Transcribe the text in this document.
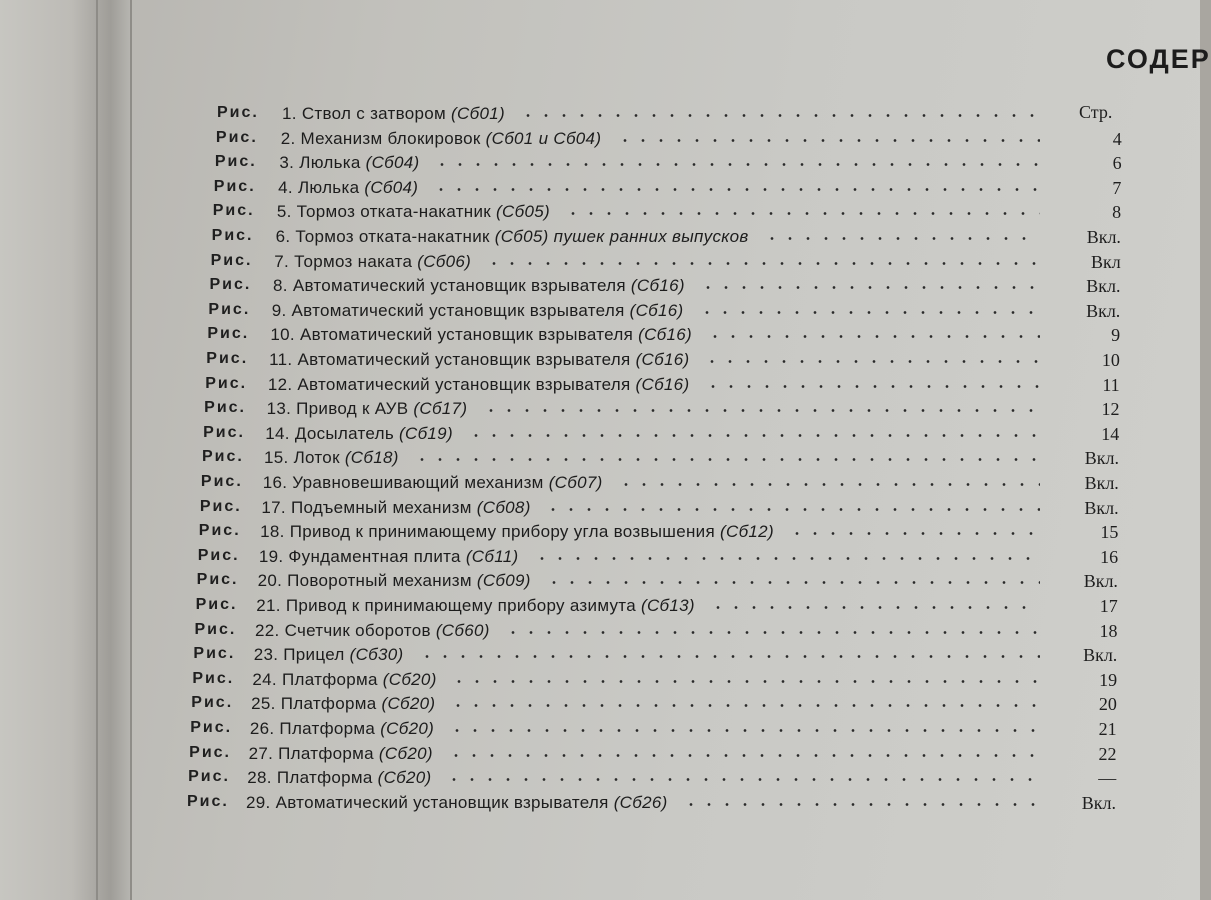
СОДЕР
Стр.
Рис. 1. Ствол с затвором (Сб01)
Рис. 2. Механизм блокировок (Сб01 и Сб04)	4
Рис. 3. Люлька (Сб04)	6
Рис. 4. Люлька (Сб04)	7
Рис. 5. Тормоз отката-накатник (Сб05)	8
Рис. 6. Тормоз отката-накатник (Сб05) пушек ранних выпусков	Вкл.
Рис. 7. Тормоз наката (Сб06)	Вкл
Рис. 8. Автоматический установщик взрывателя (Сб16)	Вкл.
Рис. 9. Автоматический установщик взрывателя (Сб16)	Вкл.
Рис. 10. Автоматический установщик взрывателя (Сб16)	9
Рис. 11. Автоматический установщик взрывателя (Сб16)	10
Рис. 12. Автоматический установщик взрывателя (Сб16)	11
Рис. 13. Привод к АУВ (Сб17)	12
Рис. 14. Досылатель (Сб19)	14
Рис. 15. Лоток (Сб18)	Вкл.
Рис. 16. Уравновешивающий механизм (Сб07)	Вкл.
Рис. 17. Подъемный механизм (Сб08)	Вкл.
Рис. 18. Привод к принимающему прибору угла возвышения (Сб12)	15
Рис. 19. Фундаментная плита (Сб11)	16
Рис. 20. Поворотный механизм (Сб09)	Вкл.
Рис. 21. Привод к принимающему прибору азимута (Сб13)	17
Рис. 22. Счетчик оборотов (Сб60)	18
Рис. 23. Прицел (Сб30)	Вкл.
Рис. 24. Платформа (Сб20)	19
Рис. 25. Платформа (Сб20)	20
Рис. 26. Платформа (Сб20)	21
Рис. 27. Платформа (Сб20)	22
Рис. 28. Платформа (Сб20)	—
Рис. 29. Автоматический установщик взрывателя (Сб26)	Вкл.
